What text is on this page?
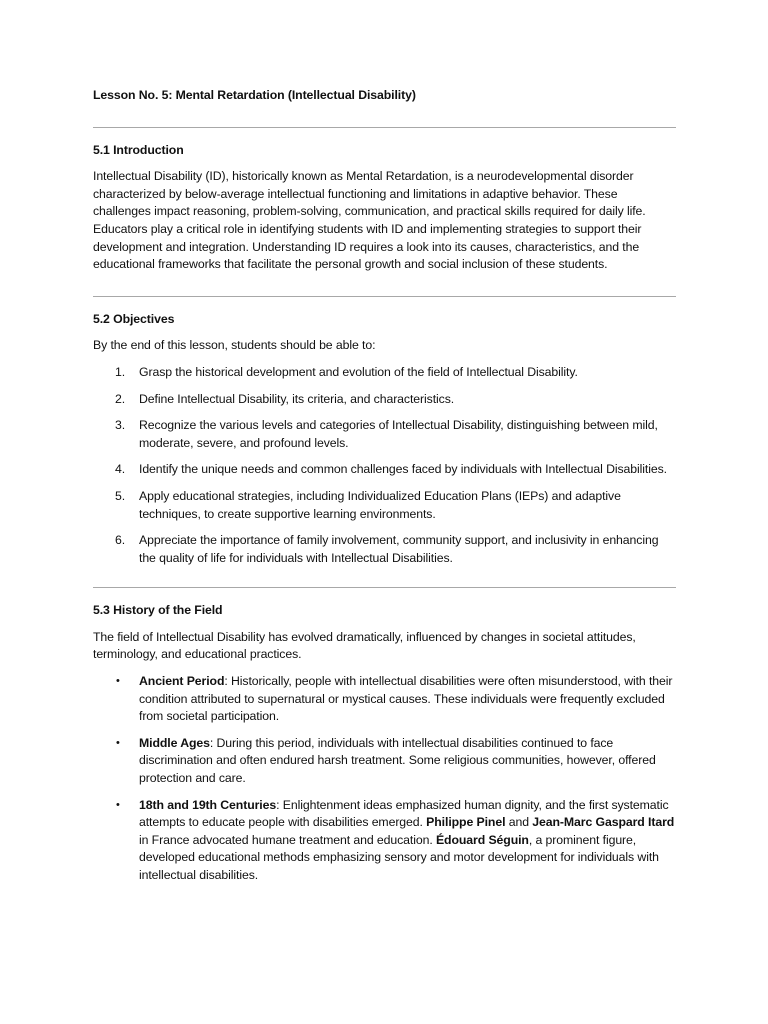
Lesson No. 5: Mental Retardation (Intellectual Disability)

5.1 Introduction

Intellectual Disability (ID), historically known as Mental Retardation, is a neurodevelopmental disorder characterized by below-average intellectual functioning and limitations in adaptive behavior. These challenges impact reasoning, problem-solving, communication, and practical skills required for daily life. Educators play a critical role in identifying students with ID and implementing strategies to support their development and integration. Understanding ID requires a look into its causes, characteristics, and the educational frameworks that facilitate the personal growth and social inclusion of these students.

5.2 Objectives

By the end of this lesson, students should be able to:

1. Grasp the historical development and evolution of the field of Intellectual Disability.
2. Define Intellectual Disability, its criteria, and characteristics.
3. Recognize the various levels and categories of Intellectual Disability, distinguishing between mild, moderate, severe, and profound levels.
4. Identify the unique needs and common challenges faced by individuals with Intellectual Disabilities.
5. Apply educational strategies, including Individualized Education Plans (IEPs) and adaptive techniques, to create supportive learning environments.
6. Appreciate the importance of family involvement, community support, and inclusivity in enhancing the quality of life for individuals with Intellectual Disabilities.
5.3 History of the Field

The field of Intellectual Disability has evolved dramatically, influenced by changes in societal attitudes, terminology, and educational practices.

• Ancient Period: Historically, people with intellectual disabilities were often misunderstood, with their condition attributed to supernatural or mystical causes. These individuals were frequently excluded from societal participation.
• Middle Ages: During this period, individuals with intellectual disabilities continued to face discrimination and often endured harsh treatment. Some religious communities, however, offered protection and care.
• 18th and 19th Centuries: Enlightenment ideas emphasized human dignity, and the first systematic attempts to educate people with disabilities emerged. Philippe Pinel and Jean-Marc Gaspard Itard in France advocated humane treatment and education. Édouard Séguin, a prominent figure, developed educational methods emphasizing sensory and motor development for individuals with intellectual disabilities.
